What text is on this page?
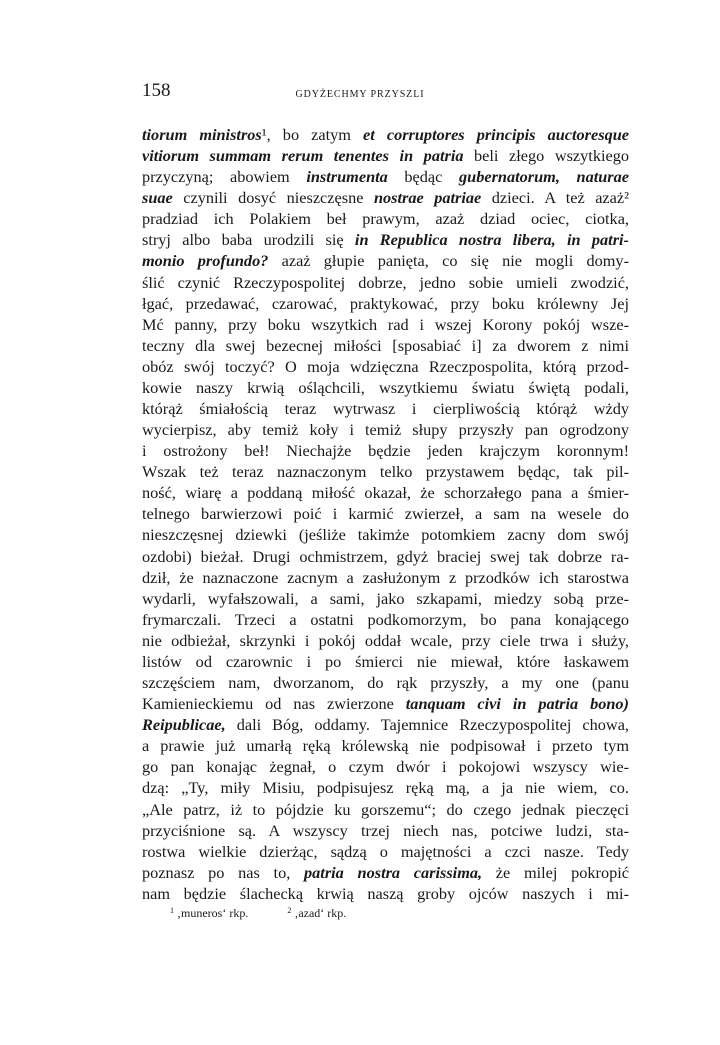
158	GDYŻECHMY PRZYSZLI
tiorum ministros¹, bo zatym et corruptores principis auctoresque
vitiorum summam rerum tenentes in patria beli złego wszytkiego
przyczyną; abowiem instrumenta będąc gubernatorum, naturae
suae czynili dosyć nieszczęsne nostrae patriae dzieci. A też azaż²
pradziad ich Polakiem beł prawym, azaż dziad ociec, ciotka,
stryj albo baba urodzili się in Republica nostra libera, in patri-
monio profundo? azaż głupie panięta, co się nie mogli domy-
ślić czynić Rzeczypospolitej dobrze, jedno sobie umieli zwodzić,
łgać, przedawać, czarować, praktykować, przy boku królewny Jej
Mć panny, przy boku wszytkich rad i wszej Korony pokój wsze-
teczny dla swej bezecnej miłości [sposabiać i] za dworem z nimi
obóz swój toczyć? O moja wdzięczna Rzeczpospolita, którą przod-
kowie naszy krwią ośląchcili, wszytkiemu światu świętą podali,
którąż śmiałością teraz wytrwasz i cierpliwością którąż wżdy
wycierpisz, aby temiż koły i temiż słupy przyszły pan ogrodzony
i ostrożony beł! Niechajże będzie jeden krajczym koronnym!
Wszak też teraz naznaczonym telko przystawem będąc, tak pil-
ność, wiarę a poddaną miłość okazał, że schorzałego pana a śmier-
telnego barwierzowi poić i karmić zwierzeł, a sam na wesele do
nieszczęsnej dziewki (jeśliże takimże potomkiem zacny dom swój
ozdobi) bieżał. Drugi ochmistrzem, gdyż braciej swej tak dobrze ra-
dził, że naznaczone zacnym a zasłużonym z przodków ich starostwa
wydarli, wyfałszowali, a sami, jako szkapami, miedzy sobą prze-
frymarczali. Trzeci a ostatni podkomorzym, bo pana konającego
nie odbieżał, skrzynki i pokój oddał wcale, przy ciele trwa i służy,
listów od czarownic i po śmierci nie miewał, które łaskawem
szczęściem nam, dworzanom, do rąk przyszły, a my one (panu
Kamienieckiemu od nas zwierzone tanquam civi in patria bono)
Reipublicae, dali Bóg, oddamy. Tajemnice Rzeczypospolitej chowa,
a prawie już umarłą ręką królewską nie podpisował i przeto tym
go pan konając żegnał, o czym dwór i pokojowi wszyscy wie-
dzą: „Ty, miły Misiu, podpisujesz ręką mą, a ja nie wiem, co.
„Ale patrz, iż to pójdzie ku gorszemu“; do czego jednak pieczęci
przyciśnione są. A wszyscy trzej niech nas, potciwe ludzi, sta-
rostwa wielkie dzierżąc, sądzą o majętności a czci nasze. Tedy
poznasz po nas to, patria nostra carissima, że milej pokropić
nam będzie ślachecką krwią naszą groby ojców naszych i mi-
$^1$ ‚muneros‘ rkp.	$^2$ ‚azad‘ rkp.
